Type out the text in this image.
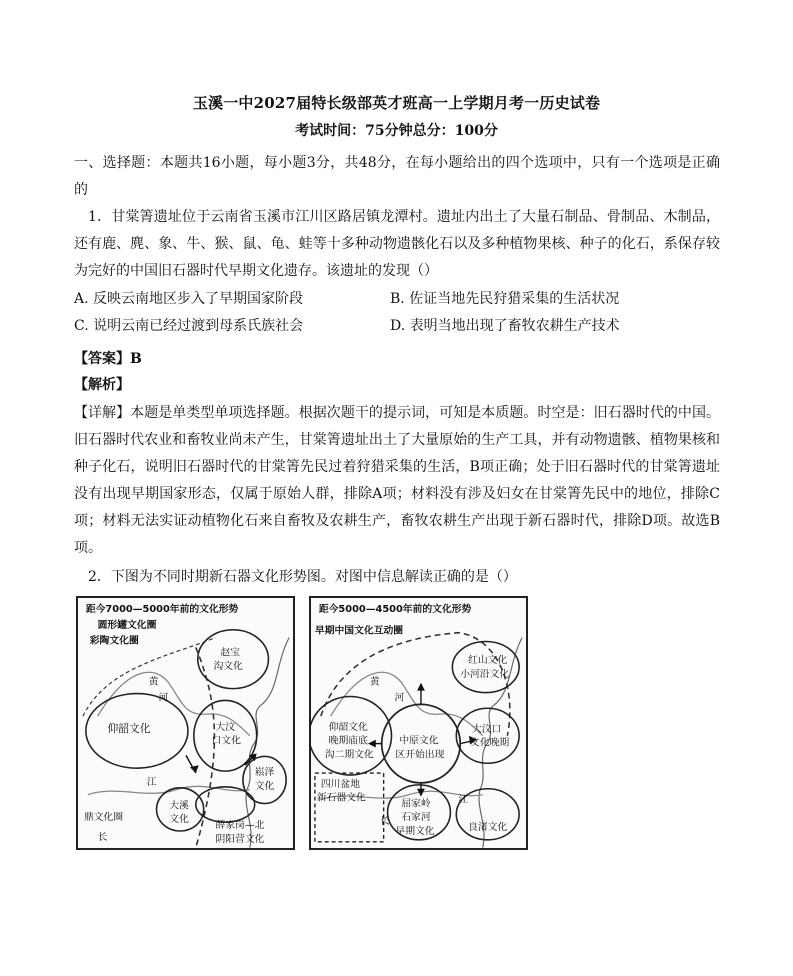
玉溪一中2027届特长级部英才班高一上学期月考一历史试卷
考试时间：75分钟总分：100分
一、选择题：本题共16小题，每小题3分，共48分，在每小题给出的四个选项中，只有一个选项是正确的
1．甘棠箐遗址位于云南省玉溪市江川区路居镇龙潭村。遗址内出土了大量石制品、骨制品、木制品，还有鹿、麂、象、牛、猴、鼠、龟、蛙等十多种动物遗骸化石以及多种植物果核、种子的化石，系保存较为完好的中国旧石器时代早期文化遗存。该遗址的发现（）
A. 反映云南地区步入了早期国家阶段	B. 佐证当地先民狩猎采集的生活状况
C. 说明云南已经过渡到母系氏族社会	D. 表明当地出现了畜牧农耕生产技术
【答案】B
【解析】
【详解】本题是单类型单项选择题。根据次题干的提示词，可知是本质题。时空是：旧石器时代的中国。旧石器时代农业和畜牧业尚未产生，甘棠箐遗址出土了大量原始的生产工具，并有动物遗骸、植物果核和种子化石，说明旧石器时代的甘棠箐先民过着狩猎采集的生活，B项正确；处于旧石器时代的甘棠箐遗址没有出现早期国家形态，仅属于原始人群，排除A项；材料没有涉及妇女在甘棠箐先民中的地位，排除C项；材料无法实证动植物化石来自畜牧及农耕生产，畜牧农耕生产出现于新石器时代，排除D项。故选B项。
2．下图为不同时期新石器文化形势图。对图中信息解读正确的是（）
距今7000—5000年前的文化形势
圆形罐文化圈
彩陶文化圈
赵宝
沟文化
黄
河
仰韶文化	大汶
口文化
江
大溪
文化
崧泽
文化
鼎文化圈
长
薛家岗—北
阴阳营文化
距今5000—4500年前的文化形势
早期中国文化互动圈
红山文化
小河沿文化
黄
河
仰韶文化
晚期庙底
沟二期文化
中原文化
区开始出现
大汶口
文化晚期
四川盆地
新石器文化
屈家岭
石家河
早期文化
江
长
良渚文化
